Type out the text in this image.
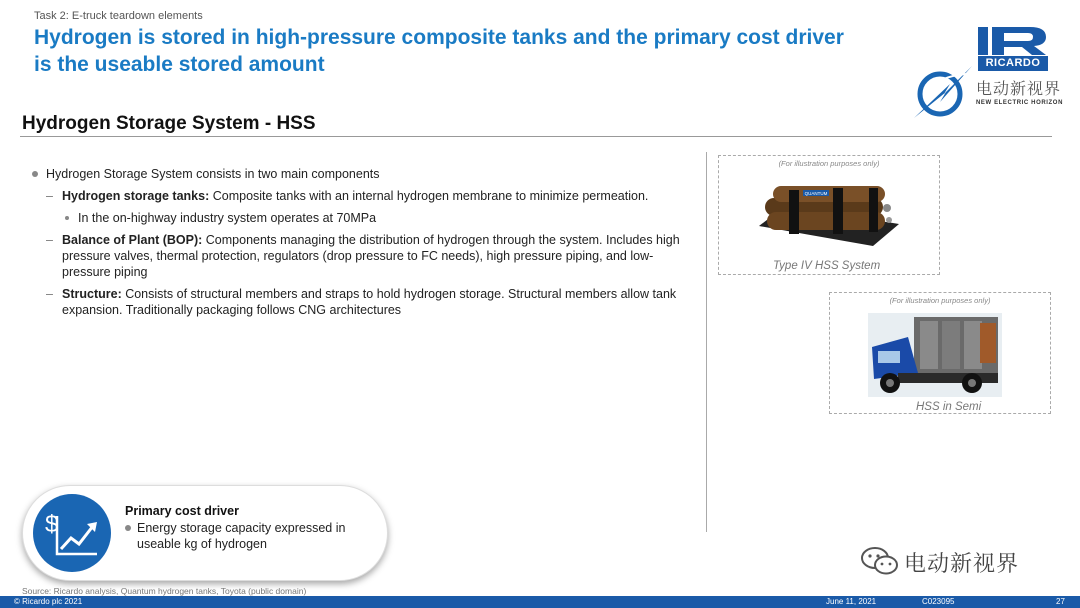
Task 2: E-truck teardown elements
Hydrogen is stored in high-pressure composite tanks and the primary cost driver
is the useable stored amount	RICARDO
电动新视界
NEW ELECTRIC HORIZON
Hydrogen Storage System - HSS
Hydrogen Storage System consists in two main components
– Hydrogen storage tanks: Composite tanks with an internal hydrogen membrane to minimize permeation.
In the on-highway industry system operates at 70MPa
– Balance of Plant (BOP): Components managing the distribution of hydrogen through the system. Includes high pressure valves, thermal protection, regulators (drop pressure to FC needs), high pressure piping, and low-pressure piping
– Structure: Consists of structural members and straps to hold hydrogen storage. Structural members allow tank expansion. Traditionally packaging follows CNG architectures
(For illustration purposes only)
QUANTUM
Type IV HSS System
(For illustration purposes only)
HSS in Semi
$	Primary cost driver
Energy storage capacity expressed in useable kg of hydrogen
Source: Ricardo analysis, Quantum hydrogen tanks, Toyota (public domain)
电动新视界
© Ricardo plc 2021	June 11, 2021	C023095	27
